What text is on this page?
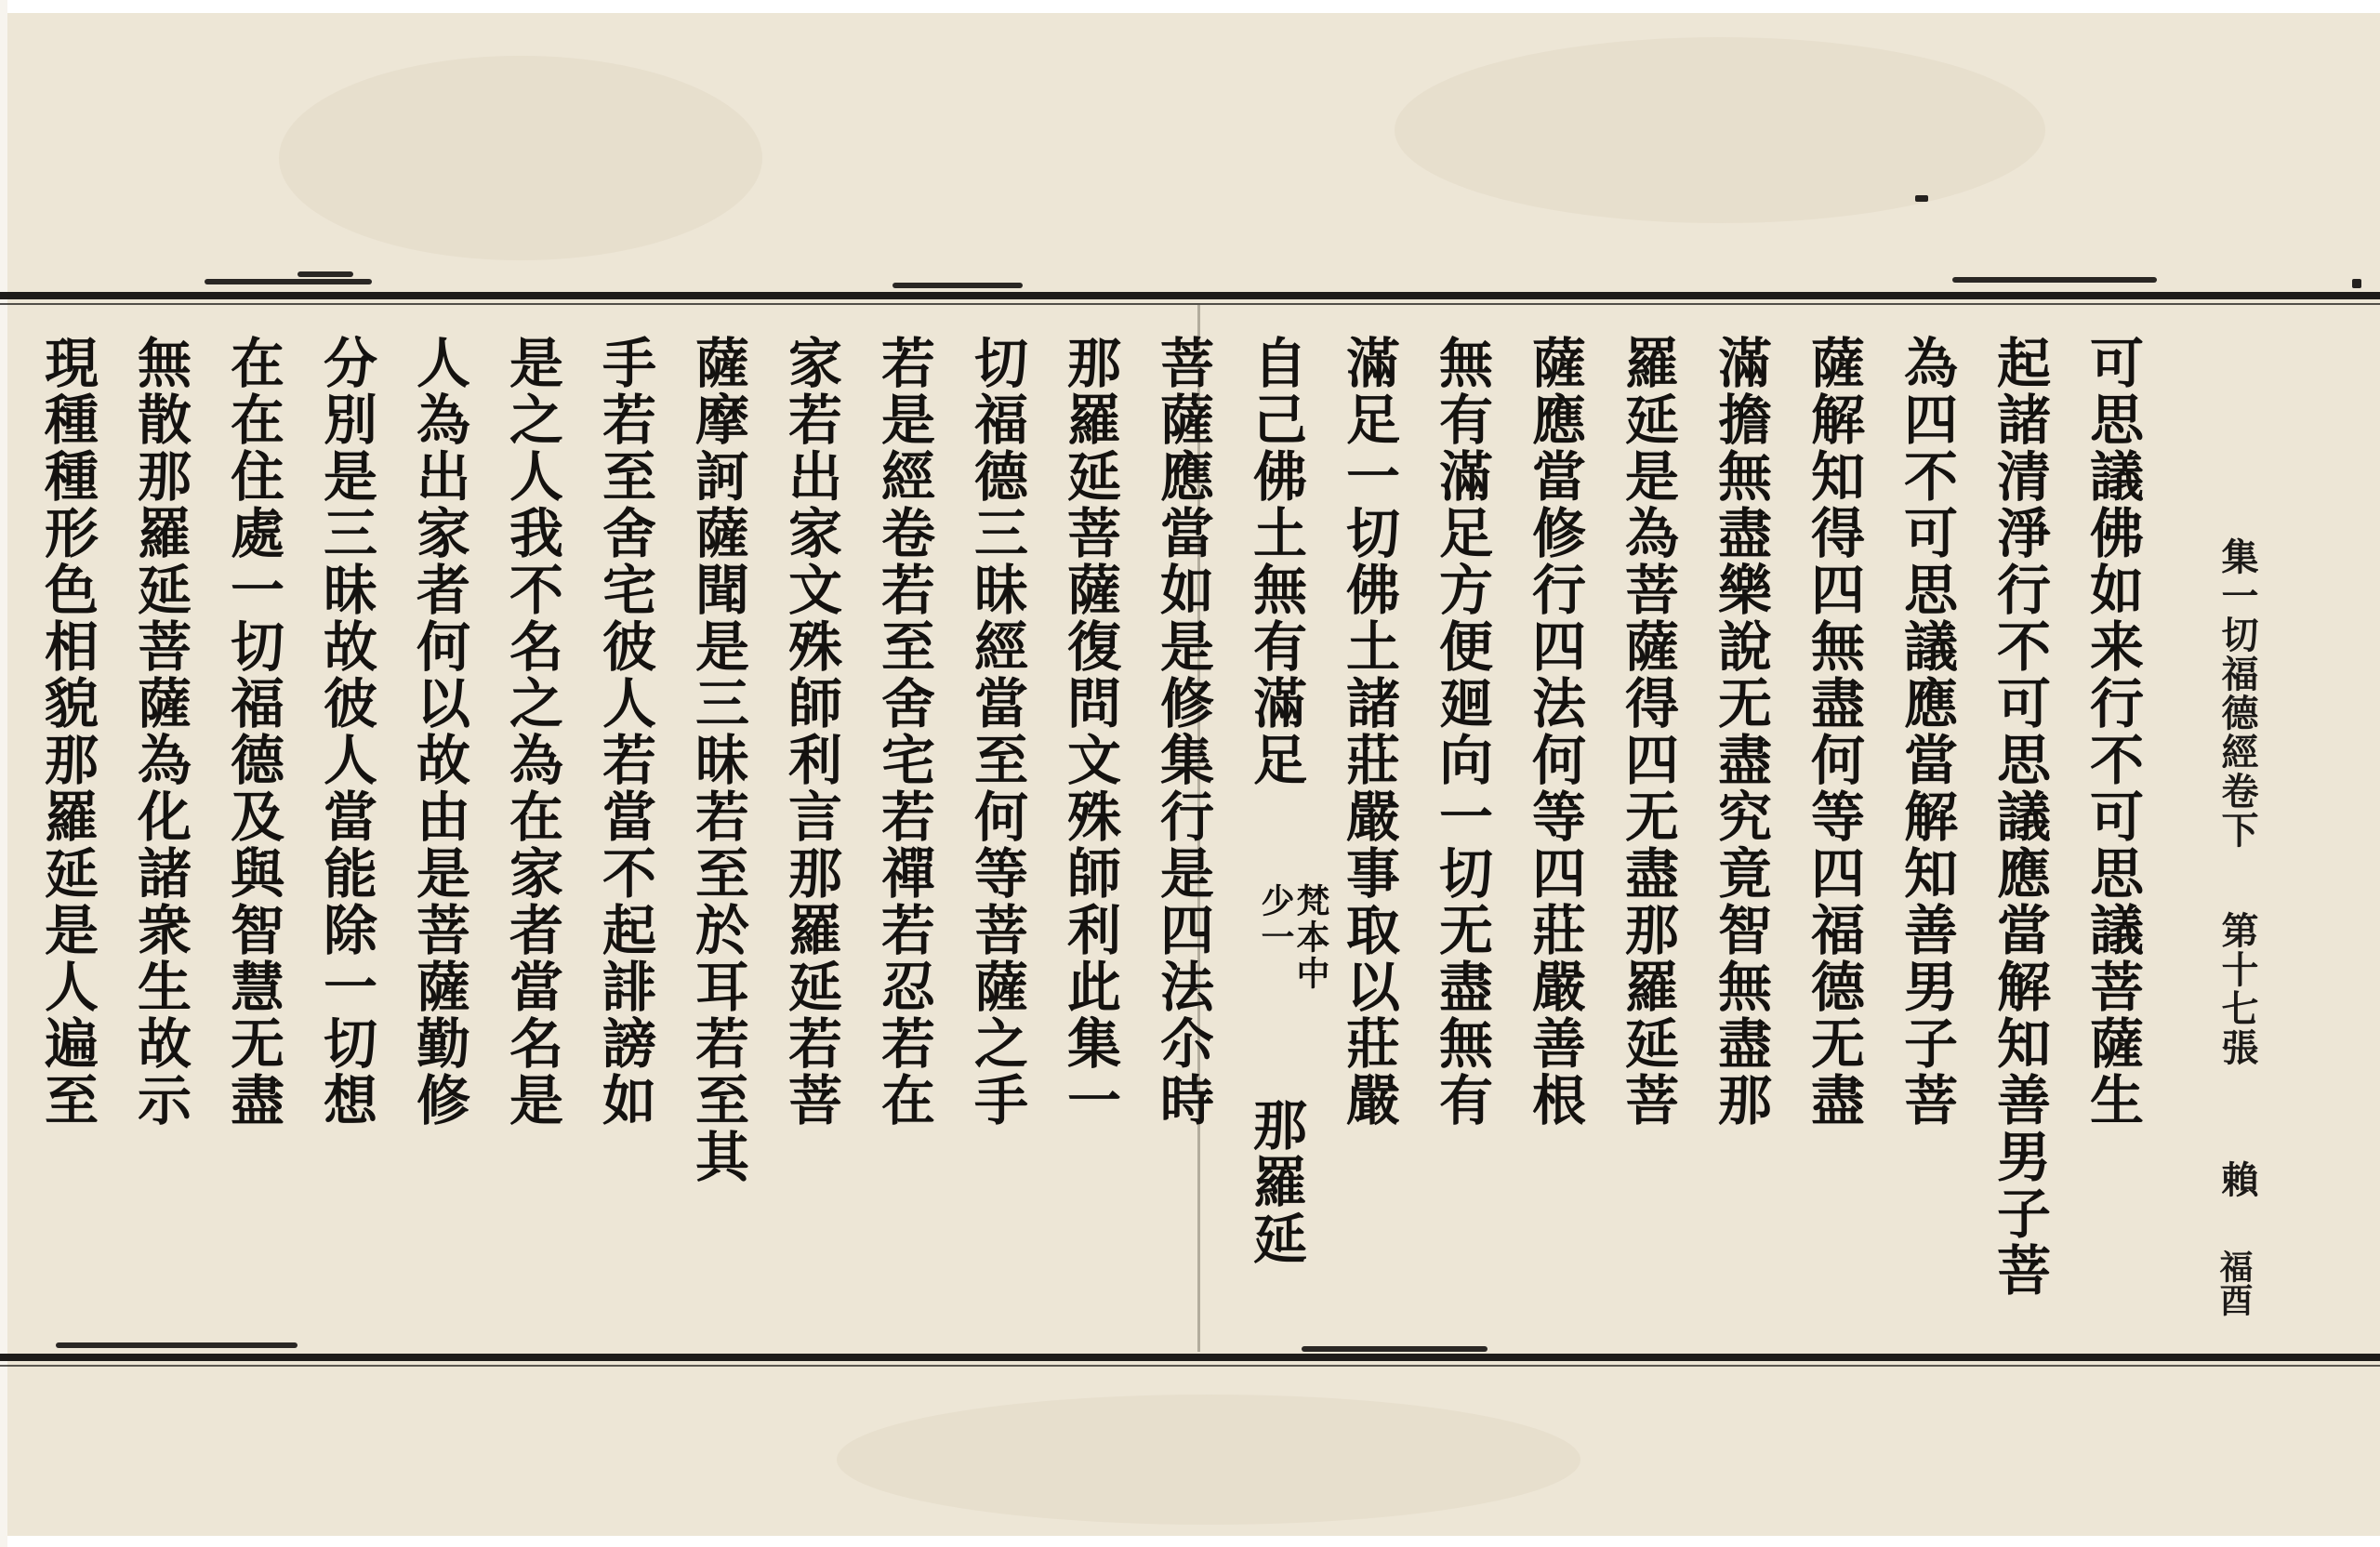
集一切福德經卷下
第十七張
賴
福酉
可思議佛如来行不可思議菩薩生
起諸清淨行不可思議應當解知善男子菩
為四不可思議應當解知善男子菩
薩解知得四無盡何等四福德无盡
滿擔無盡樂說无盡究竟智無盡那
羅延是為菩薩得四无盡那羅延菩
薩應當修行四法何等四莊嚴善根
無有滿足方便廻向一切无盡無有
滿足一切佛土諸莊嚴事取以莊嚴
自己佛土無有滿足
梵本中
少一
那羅延
菩薩應當如是修集行是四法尒時
那羅延菩薩復問文殊師利此集一
切福德三昧經當至何等菩薩之手
若是經卷若至舍宅若禪若忍若在
家若出家文殊師利言那羅延若菩
薩摩訶薩聞是三昧若至於耳若至其
手若至舍宅彼人若當不起誹謗如
是之人我不名之為在家者當名是
人為出家者何以故由是菩薩勤修
分別是三昧故彼人當能除一切想
在在住處一切福德及與智慧无盡
無散那羅延菩薩為化諸衆生故示
現種種形色相貌那羅延是人遍至
